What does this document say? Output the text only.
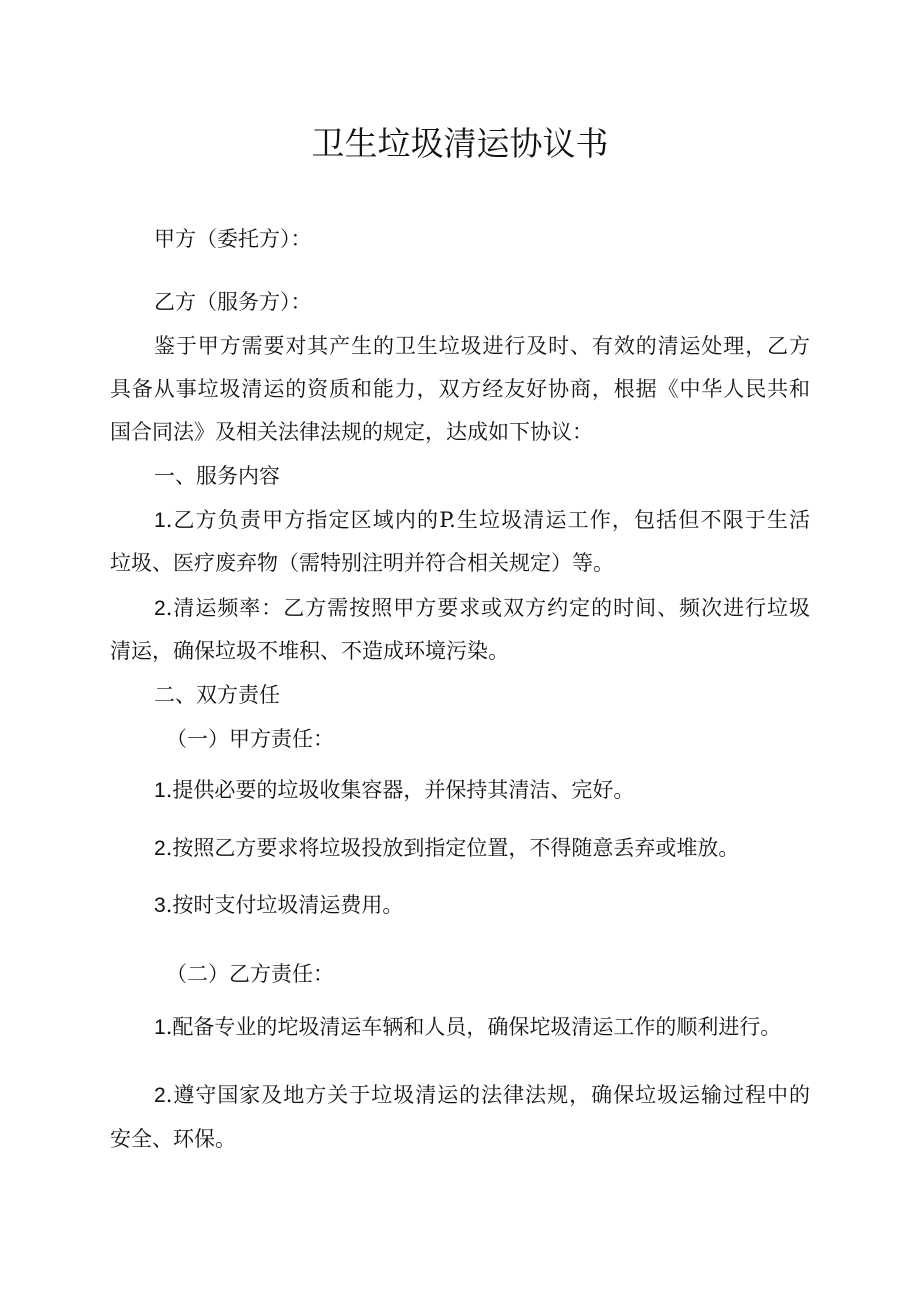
卫生垃圾清运协议书
甲方（委托方）：
乙方（服务方）：
鉴于甲方需要对其产生的卫生垃圾进行及时、有效的清运处理，乙方
具备从事垃圾清运的资质和能力，双方经友好协商，根据《中华人民共和
国合同法》及相关法律法规的规定，达成如下协议：
一、服务内容
1.乙方负责甲方指定区域内的P.生垃圾清运工作，包括但不限于生活
垃圾、医疗废弃物（需特别注明并符合相关规定）等。
2.清运频率：乙方需按照甲方要求或双方约定的时间、频次进行垃圾
清运，确保垃圾不堆积、不造成环境污染。
二、双方责任
（一）甲方责任：
1.提供必要的垃圾收集容器，并保持其清洁、完好。
2.按照乙方要求将垃圾投放到指定位置，不得随意丢弃或堆放。
3.按时支付垃圾清运费用。
（二）乙方责任：
1.配备专业的坨圾清运车辆和人员，确保坨圾清运工作的顺利进行。
2.遵守国家及地方关于垃圾清运的法律法规，确保垃圾运输过程中的
安全、环保。
